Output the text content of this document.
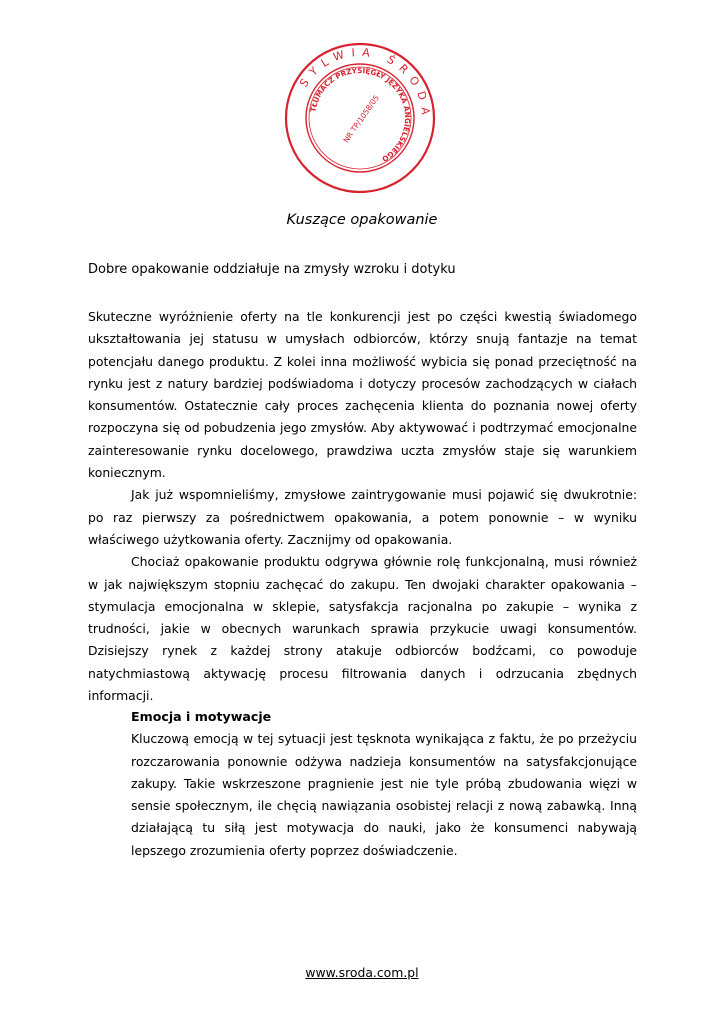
SYLWIA ŚRODA
TŁUMACZ PRZYSIĘGŁY JĘZYKA ANGIELSKIEGO
NR TP/1058/05
Kuszące opakowanie
Dobre opakowanie oddziałuje na zmysły wzroku i dotyku

Skuteczne wyróżnienie oferty na tle konkurencji jest po części kwestią świadomego ukształtowania jej statusu w umysłach odbiorców, którzy snują fantazje na temat potencjału danego produktu. Z kolei inna możliwość wybicia się ponad przeciętność na rynku jest z natury bardziej podświadoma i dotyczy procesów zachodzących w ciałach konsumentów. Ostatecznie cały proces zachęcenia klienta do poznania nowej oferty rozpoczyna się od pobudzenia jego zmysłów. Aby aktywować i podtrzymać emocjonalne zainteresowanie rynku docelowego, prawdziwa uczta zmysłów staje się warunkiem koniecznym.

Jak już wspomnieliśmy, zmysłowe zaintrygowanie musi pojawić się dwukrotnie: po raz pierwszy za pośrednictwem opakowania, a potem ponownie – w wyniku właściwego użytkowania oferty. Zacznijmy od opakowania.

Chociaż opakowanie produktu odgrywa głównie rolę funkcjonalną, musi również w jak największym stopniu zachęcać do zakupu. Ten dwojaki charakter opakowania – stymulacja emocjonalna w sklepie, satysfakcja racjonalna po zakupie – wynika z trudności, jakie w obecnych warunkach sprawia przykucie uwagi konsumentów. Dzisiejszy rynek z każdej strony atakuje odbiorców bodźcami, co powoduje natychmiastową aktywację procesu filtrowania danych i odrzucania zbędnych informacji.

Emocja i motywacje

Kluczową emocją w tej sytuacji jest tęsknota wynikająca z faktu, że po przeżyciu rozczarowania ponownie odżywa nadzieja konsumentów na satysfakcjonujące zakupy. Takie wskrzeszone pragnienie jest nie tyle próbą zbudowania więzi w sensie społecznym, ile chęcią nawiązania osobistej relacji z nową zabawką. Inną działającą tu siłą jest motywacja do nauki, jako że konsumenci nabywają lepszego zrozumienia oferty poprzez doświadczenie.

www.sroda.com.pl
